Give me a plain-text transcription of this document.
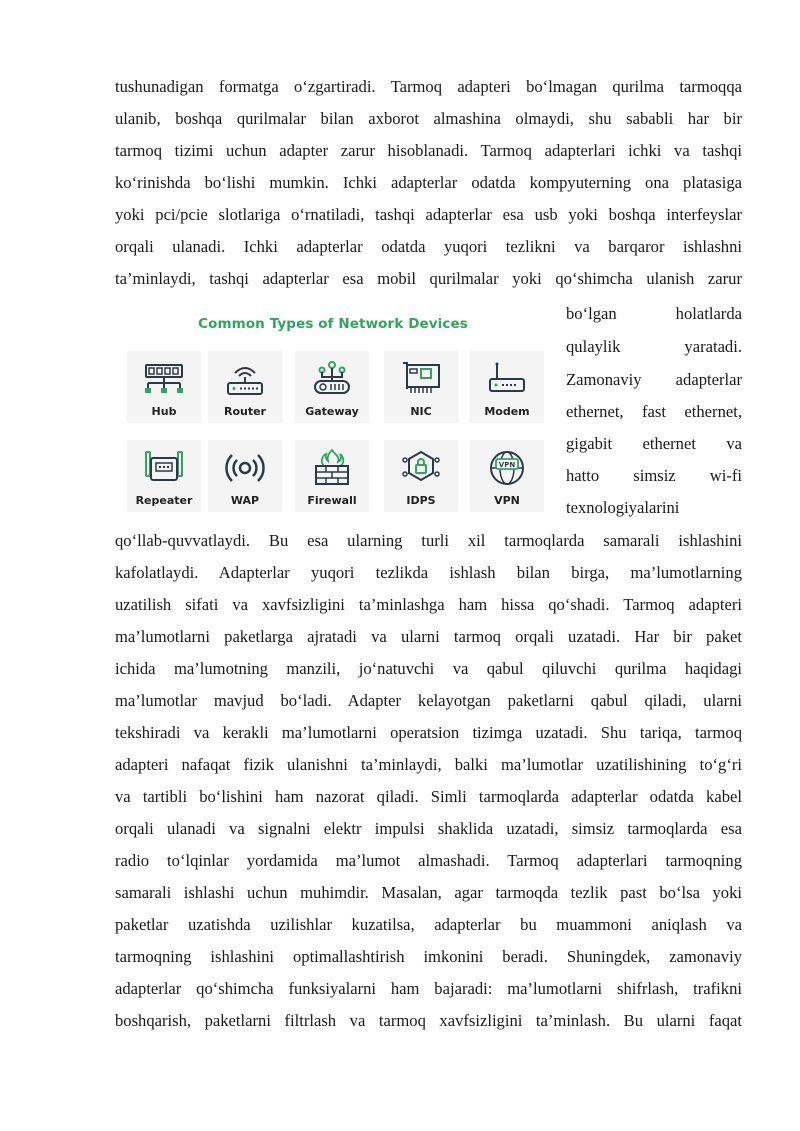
tushunadigan formatga o‘zgartiradi. Tarmoq adapteri bo‘lmagan qurilma tarmoqqa
ulanib, boshqa qurilmalar bilan axborot almashina olmaydi, shu sababli har bir
tarmoq tizimi uchun adapter zarur hisoblanadi. Tarmoq adapterlari ichki va tashqi
ko‘rinishda bo‘lishi mumkin. Ichki adapterlar odatda kompyuterning ona platasiga
yoki pci/pcie slotlariga o‘rnatiladi, tashqi adapterlar esa usb yoki boshqa interfeyslar
orqali ulanadi. Ichki adapterlar odatda yuqori tezlikni va barqaror ishlashni
ta’minlaydi, tashqi adapterlar esa mobil qurilmalar yoki qo‘shimcha ulanish zarur
bo‘lgan holatlarda
qulaylik yaratadi.
Zamonaviy adapterlar
ethernet, fast ethernet,
gigabit ethernet va
hatto simsiz wi-fi
texnologiyalarini
Common Types of Network Devices
Hub	Router	Gateway	NIC	Modem
Repeater	WAP	Firewall	IDPS
VPN
VPN
qo‘llab-quvvatlaydi. Bu esa ularning turli xil tarmoqlarda samarali ishlashini
kafolatlaydi. Adapterlar yuqori tezlikda ishlash bilan birga, ma’lumotlarning
uzatilish sifati va xavfsizligini ta’minlashga ham hissa qo‘shadi. Tarmoq adapteri
ma’lumotlarni paketlarga ajratadi va ularni tarmoq orqali uzatadi. Har bir paket
ichida ma’lumotning manzili, jo‘natuvchi va qabul qiluvchi qurilma haqidagi
ma’lumotlar mavjud bo‘ladi. Adapter kelayotgan paketlarni qabul qiladi, ularni
tekshiradi va kerakli ma’lumotlarni operatsion tizimga uzatadi. Shu tariqa, tarmoq
adapteri nafaqat fizik ulanishni ta’minlaydi, balki ma’lumotlar uzatilishining to‘g‘ri
va tartibli bo‘lishini ham nazorat qiladi. Simli tarmoqlarda adapterlar odatda kabel
orqali ulanadi va signalni elektr impulsi shaklida uzatadi, simsiz tarmoqlarda esa
radio to‘lqinlar yordamida ma’lumot almashadi. Tarmoq adapterlari tarmoqning
samarali ishlashi uchun muhimdir. Masalan, agar tarmoqda tezlik past bo‘lsa yoki
paketlar uzatishda uzilishlar kuzatilsa, adapterlar bu muammoni aniqlash va
tarmoqning ishlashini optimallashtirish imkonini beradi. Shuningdek, zamonaviy
adapterlar qo‘shimcha funksiyalarni ham bajaradi: ma’lumotlarni shifrlash, trafikni
boshqarish, paketlarni filtrlash va tarmoq xavfsizligini ta’minlash. Bu ularni faqat
